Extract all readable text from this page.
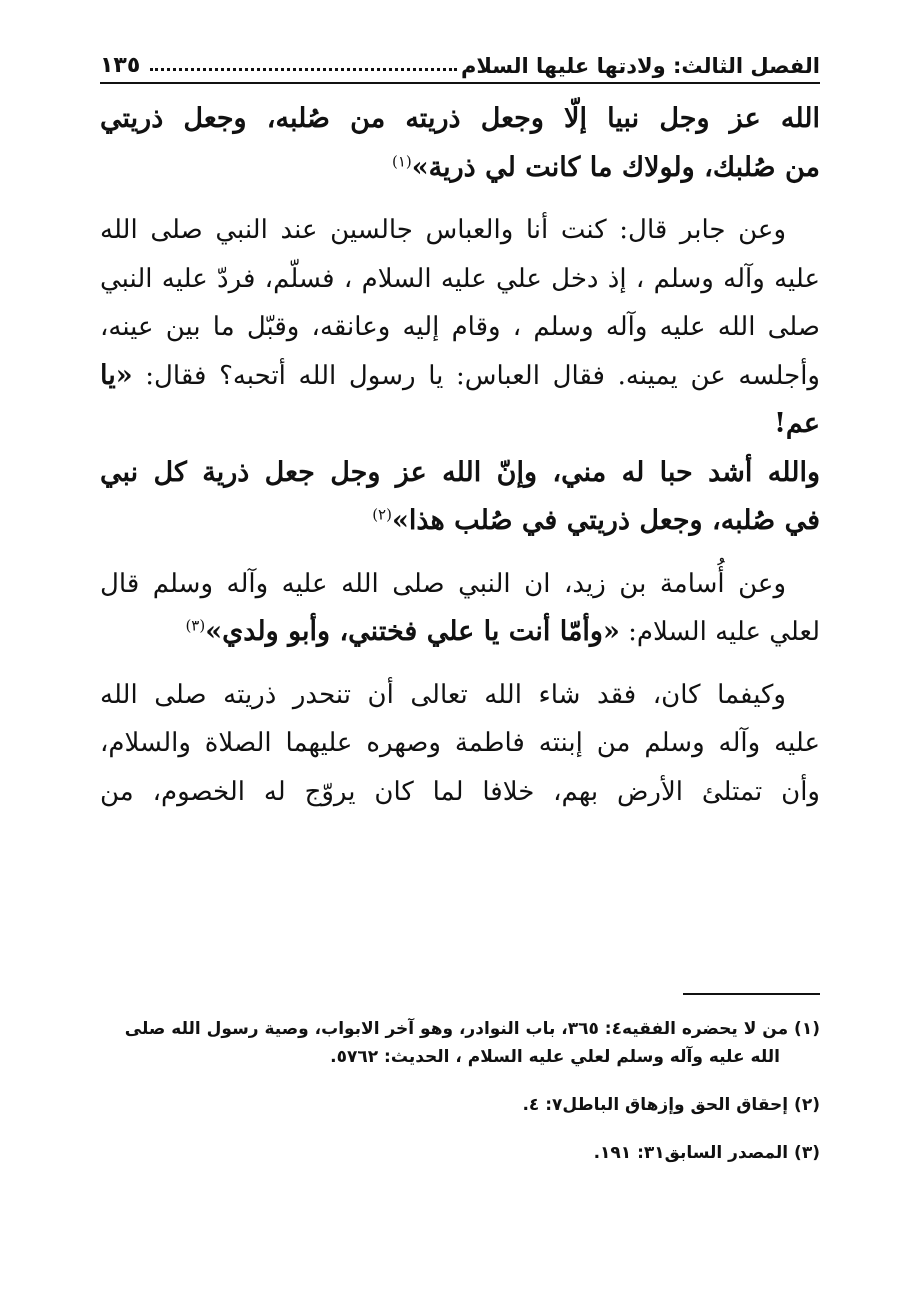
الفصل الثالث: ولادتها عليها السلام
١٣٥

الله عز وجل نبيا إلّا وجعل ذريته من صُلبه، وجعل ذريتي

من صُلبك، ولولاك ما كانت لي ذرية»$^{(١)}$

وعن جابر قال: كنت أنا والعباس جالسين عند النبي صلى الله

عليه وآله وسلم ، إذ دخل علي عليه السلام ، فسلّم، فردّ عليه النبي

صلى الله عليه وآله وسلم ، وقام إليه وعانقه، وقبّل ما بين عينه،

وأجلسه عن يمينه. فقال العباس: يا رسول الله أتحبه؟ فقال: «يا عم!

والله أشد حبا له مني، وإنّ الله عز وجل جعل ذرية كل نبي

في صُلبه، وجعل ذريتي في صُلب هذا»$^{(٢)}$

وعن أُسامة بن زيد، ان النبي صلى الله عليه وآله وسلم قال

لعلي عليه السلام: «وأمّا أنت يا علي فختني، وأبو ولدي»$^{(٣)}$

وكيفما كان، فقد شاء الله تعالى أن تنحدر ذريته صلى الله

عليه وآله وسلم من إبنته فاطمة وصهره عليهما الصلاة والسلام،

وأن تمتلئ الأرض بهم، خلافا لما كان يروّج له الخصوم، من

(١) من لا يحضره الفقيه٤: ٣٦٥، باب النوادر، وهو آخر الابواب، وصية رسول الله صلى

الله عليه وآله وسلم لعلي عليه السلام ، الحديث: ٥٧٦٢.

(٢) إحقاق الحق وإزهاق الباطل٧: ٤.

(٣) المصدر السابق٣١: ١٩١.
